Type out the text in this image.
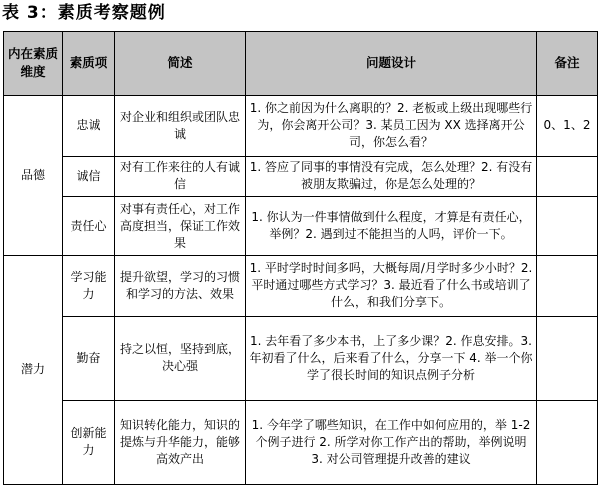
表 3：素质考察题例
内在素质维度	素质项	简述	问题设计	备注
品德	忠诚	对企业和组织或团队忠诚	1. 你之前因为什么离职的？2. 老板或上级出现哪些行为，你会离开公司？3. 某员工因为 XX 选择离开公司，你怎么看？	0、1、2
	诚信	对有工作来往的人有诚信	1. 答应了同事的事情没有完成，怎么处理？2. 有没有被朋友欺骗过，你是怎么处理的？	
	责任心	对事有责任心，对工作高度担当，保证工作效果	1. 你认为一件事情做到什么程度，才算是有责任心，举例？2. 遇到过不能担当的人吗，评价一下。	
潜力	学习能力	提升欲望，学习的习惯和学习的方法、效果	1. 平时学时时间多吗，大概每周/月学时多少小时？2. 平时通过哪些方式学习？3. 最近看了什么书或培训了什么，和我们分享下。	
	勤奋	持之以恒，坚持到底，决心强	1. 去年看了多少本书，上了多少课？2. 作息安排。3. 年初看了什么，后来看了什么，分享一下 4. 举一个你学了很长时间的知识点例子分析	
	创新能力	知识转化能力，知识的提炼与升华能力，能够高效产出	1. 今年学了哪些知识，在工作中如何应用的，举 1-2 个例子进行 2. 所学对你工作产出的帮助，举例说明 3. 对公司管理提升改善的建议	
